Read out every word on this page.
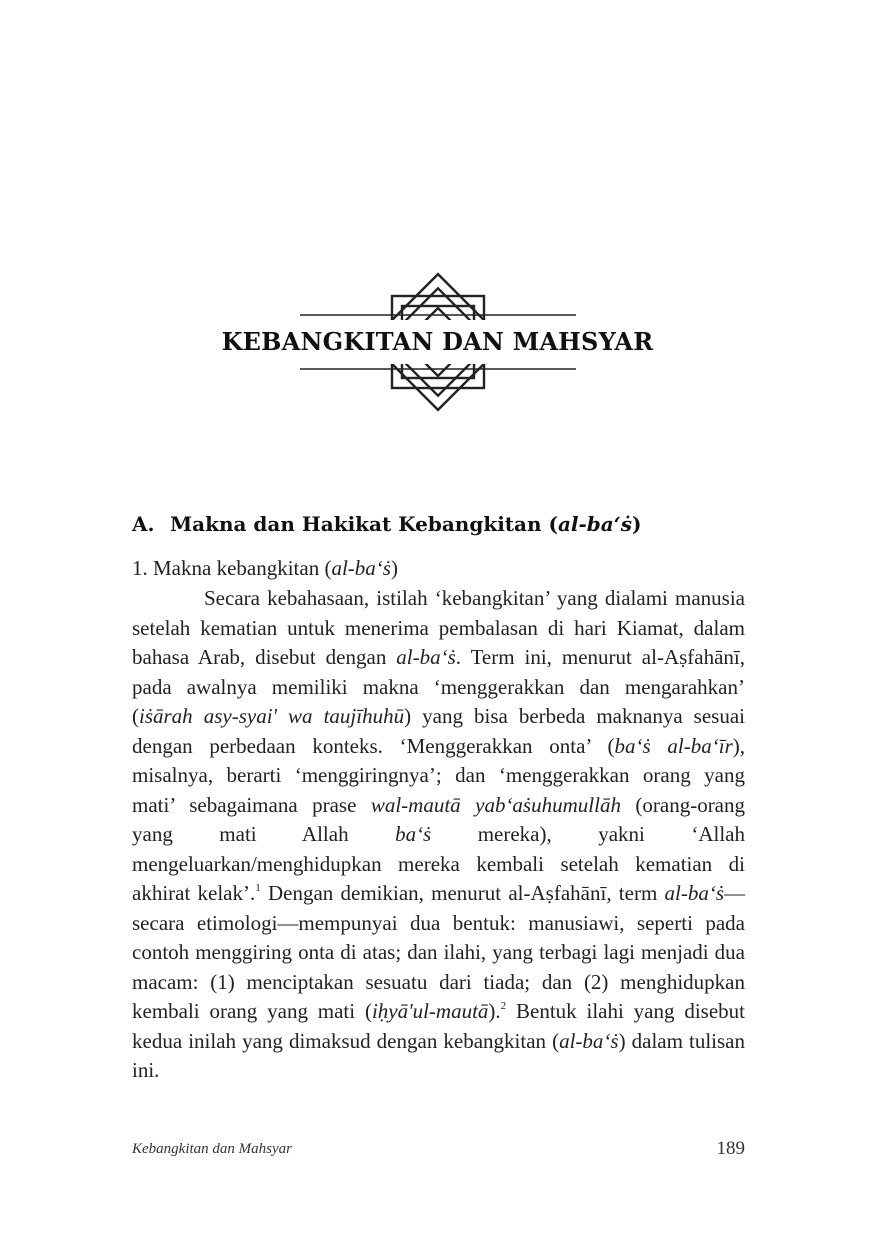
KEBANGKITAN DAN MAHSYAR
A. Makna dan Hakikat Kebangkitan (al-ba‘ṡ)
1. Makna kebangkitan (al-ba‘ṡ)
Secara kebahasaan, istilah ‘kebangkitan’ yang dialami manusia setelah kematian untuk menerima pembalasan di hari Kiamat, dalam bahasa Arab, disebut dengan al-ba‘ṡ. Term ini, menurut al-Aṣfahānī, pada awalnya memiliki makna ‘menggerakkan dan mengarahkan’ (iṡārah asy-syai' wa taujīhuhū) yang bisa berbeda maknanya sesuai dengan perbedaan konteks. ‘Menggerakkan onta’ (ba‘ṡ al-ba‘īr), misalnya, berarti ‘menggiringnya’; dan ‘menggerakkan orang yang mati’ sebagaimana prase wal-mautā yab‘aṡuhumullāh (orang-orang yang mati Allah ba‘ṡ mereka), yakni ‘Allah mengeluarkan/menghidupkan mereka kembali setelah kematian di akhirat kelak’.$^1$ Dengan demikian, menurut al-Aṣfahānī, term al-ba‘ṡ—secara etimologi—mempunyai dua bentuk: manusiawi, seperti pada contoh menggiring onta di atas; dan ilahi, yang terbagi lagi menjadi dua macam: (1) menciptakan sesuatu dari tiada; dan (2) menghidupkan kembali orang yang mati (iḥyā'ul-mautā).$^2$ Bentuk ilahi yang disebut kedua inilah yang dimaksud dengan kebangkitan (al-ba‘ṡ) dalam tulisan ini.
Kebangkitan dan Mahsyar	189
